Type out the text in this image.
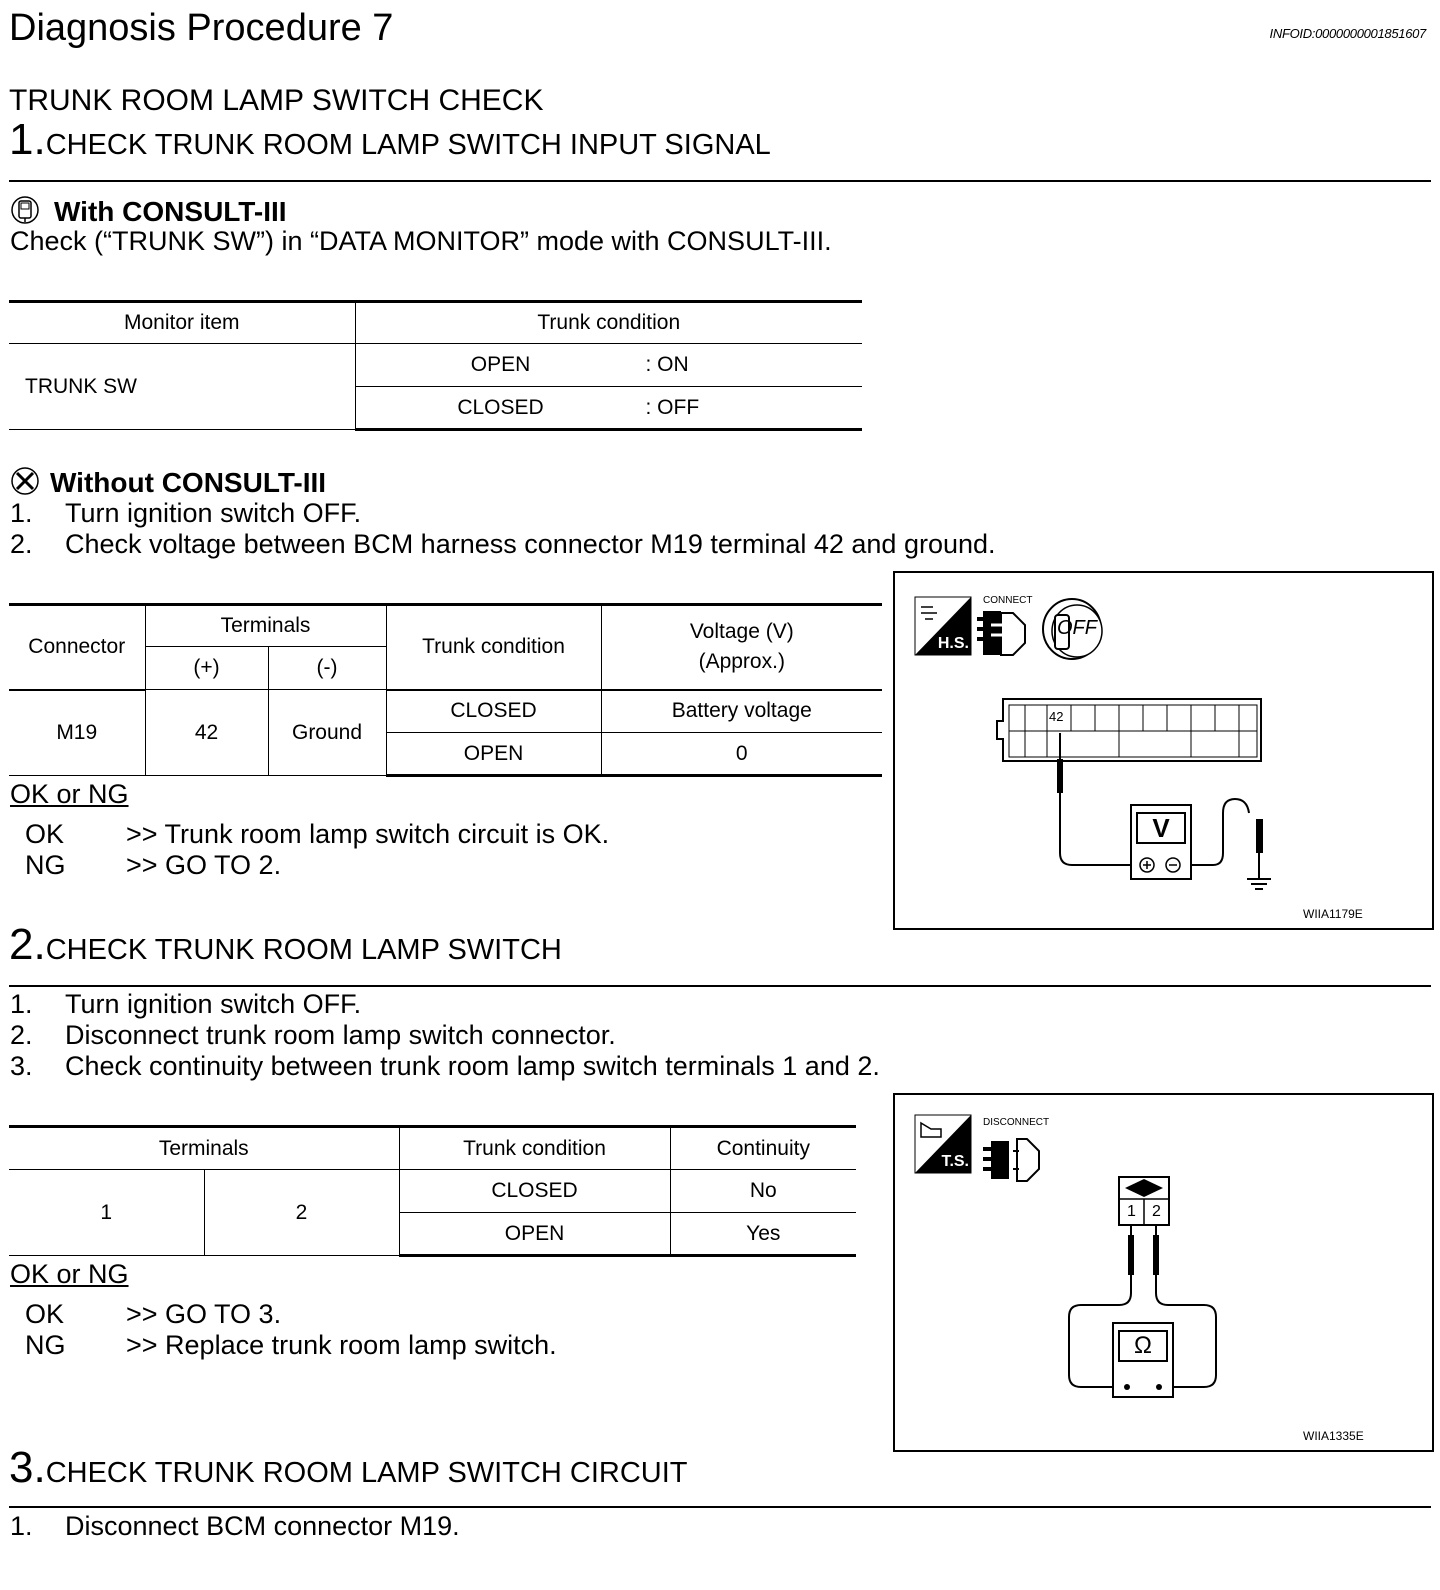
Diagnosis Procedure 7	INFOID:0000000001851607
TRUNK ROOM LAMP SWITCH CHECK
1.CHECK TRUNK ROOM LAMP SWITCH INPUT SIGNAL
With CONSULT-III
Check (“TRUNK SW”) in “DATA MONITOR” mode with CONSULT-III.
Monitor item	Trunk condition
TRUNK SW	OPEN : ON

	CLOSED : OFF
Without CONSULT-III
1. Turn ignition switch OFF.
2. Check voltage between BCM harness connector M19 terminal 42 and ground.
Connector	Terminals		Trunk condition	Voltage (V)
(Approx.)

	(+)	(-)		
M19	42	Ground	CLOSED	Battery voltage
			OPEN	0
OK or NG
OK >> Trunk room lamp switch circuit is OK.
NG >> GO TO 2.
H.S.
CONNECT
OFF
42
V
WIIA1179E
2.CHECK TRUNK ROOM LAMP SWITCH
1. Turn ignition switch OFF.
2. Disconnect trunk room lamp switch connector.
3. Check continuity between trunk room lamp switch terminals 1 and 2.
Terminals		Trunk condition	Continuity
1	2	CLOSED	No
		OPEN	Yes
OK or NG
OK >> GO TO 3.
NG >> Replace trunk room lamp switch.
T.S.
DISCONNECT
1	2
Ω
WIIA1335E
3.CHECK TRUNK ROOM LAMP SWITCH CIRCUIT
1. Disconnect BCM connector M19.
